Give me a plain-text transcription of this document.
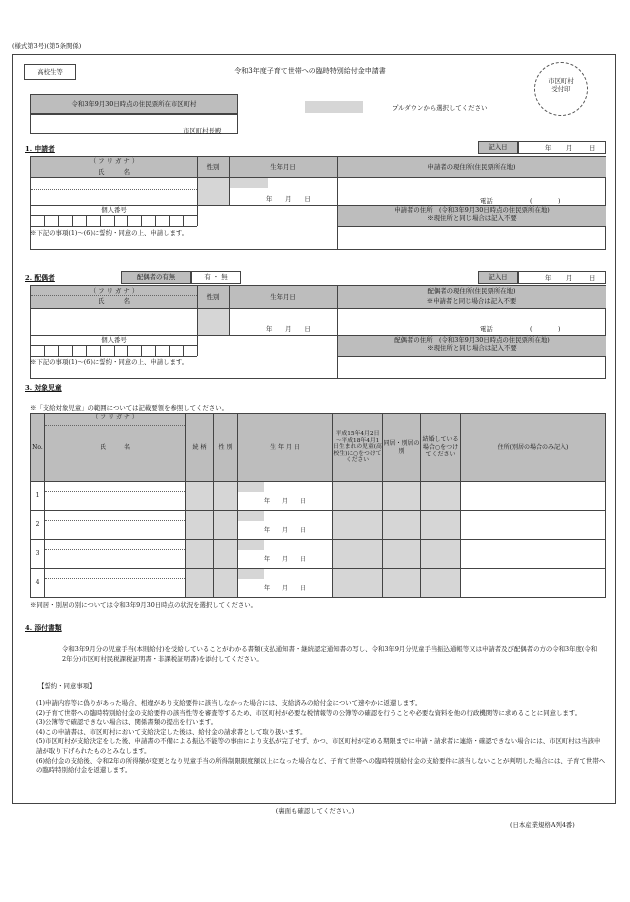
(様式第3号)(第5条関係)
高校生等	令和3年度子育て世帯への臨時特別給付金申請書
市区町村
受付印
令和3年9月30日時点の住民票所在市区町村
市区町村長殿
プルダウンから選択してください
1. 申請者	記入日	年 月	日
（ フ リ ガ ナ ）
氏　　　名
性別	生年月日	申請者の現住所(住民票所在地)
年　　月　　日	電話	(　　　　)
個人番号	申請者の住所　(令和3年9月30日時点の住民票所在地)
※現住所と同じ場合は記入不要
※下記の事項(1)～(6)に誓約・同意の上、申請します。
2. 配偶者	配偶者の有無	有 ・ 無	記入日	年 月	日
（ フ リ ガ ナ ）
氏　　　名	性別	生年月日
配偶者の現住所(住民票所在地)
※申請者と同じ場合は記入不要
年　　月　　日	電話	(　　　　)
個人番号	配偶者の住所　(令和3年9月30日時点の住民票所在地)
※現住所と同じ場合は記入不要
※下記の事項(1)～(6)に誓約・同意の上、申請します。
3. 対象児童
※「支給対象児童」の範囲については記載要領を参照してください。
No.	（ フ リ ガ ナ ）
氏　　　名	続 柄	性 別	生 年 月 日	平成15年4月2日～平成18年4月1日生まれの児童(高校生)に○をつけてください	同居・別居の別	結婚している場合○をつけてください	住所(別居の場合のみ記入)
1				年　　月　　日				

2				年　　月　　日				

3				年　　月　　日				

4				年　　月　　日				

※同居・別居の別については令和3年9月30日時点の状況を選択してください。
4. 添付書類
令和3年9月分の児童手当(本則給付)を受給していることがわかる書類(支払通知書・継続認定通知書の写し、令和3年9月分児童手当振込通帳等又は申請者及び配偶者の方の令和3年度(令和2年分)市区町村民税課税証明書・非課税証明書)を添付してください。
【誓約・同意事項】
(1)申請内容等に偽りがあった場合、相違があり支給要件に該当しなかった場合には、支給済みの給付金について速やかに返還します。
(2)子育て世帯への臨時特別給付金の支給要件の該当性等を審査等するため、市区町村が必要な税情報等の公簿等の確認を行うことや必要な資料を他の行政機関等に求めることに同意します。
(3)公簿等で確認できない場合は、関係書類の提出を行います。
(4)この申請書は、市区町村において支給決定した後は、給付金の請求書として取り扱います。
(5)市区町村が支給決定をした後、申請書の不備による振込不能等の事由により支払が完了せず、かつ、市区町村が定める期限までに申請・請求者に連絡・確認できない場合には、市区町村は当該申請が取り下げられたものとみなします。
(6)給付金の支給後、令和2年の所得額が変更となり児童手当の所得制限限度額以上になった場合など、子育て世帯への臨時特別給付金の支給要件に該当しないことが判明した場合には、子育て世帯への臨時特別給付金を返還します。
(裏面も確認してください。)
(日本産業規格A列4番)
